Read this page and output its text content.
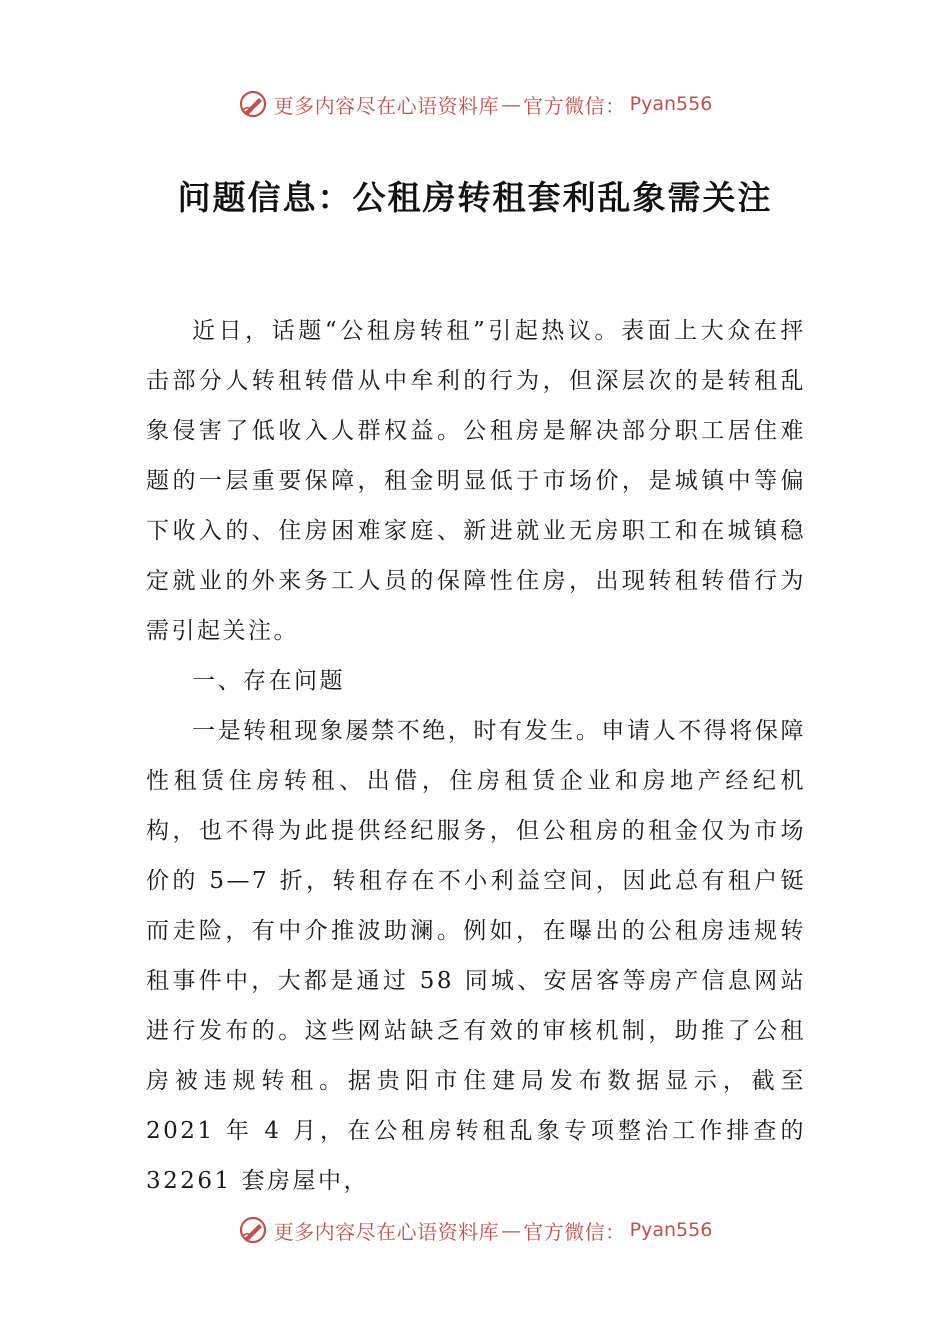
更多内容尽在心语资料库 — 官方微信： Pyan556
问题信息：公租房转租套利乱象需关注

近日，话题“公租房转租”引起热议。表面上大众在抨击部分人转租转借从中牟利的行为，但深层次的是转租乱象侵害了低收入人群权益。公租房是解决部分职工居住难题的一层重要保障，租金明显低于市场价，是城镇中等偏下收入的、住房困难家庭、新进就业无房职工和在城镇稳定就业的外来务工人员的保障性住房，出现转租转借行为需引起关注。

一、存在问题

一是转租现象屡禁不绝，时有发生。申请人不得将保障性租赁住房转租、出借，住房租赁企业和房地产经纪机构，也不得为此提供经纪服务，但公租房的租金仅为市场价的 5—7 折，转租存在不小利益空间，因此总有租户铤而走险，有中介推波助澜。例如，在曝出的公租房违规转租事件中，大都是通过 58 同城、安居客等房产信息网站进行发布的。这些网站缺乏有效的审核机制，助推了公租房被违规转租。据贵阳市住建局发布数据显示，截至 2021 年 4 月，在公租房转租乱象专项整治工作排查的 32261 套房屋中，

更多内容尽在心语资料库 — 官方微信： Pyan556
